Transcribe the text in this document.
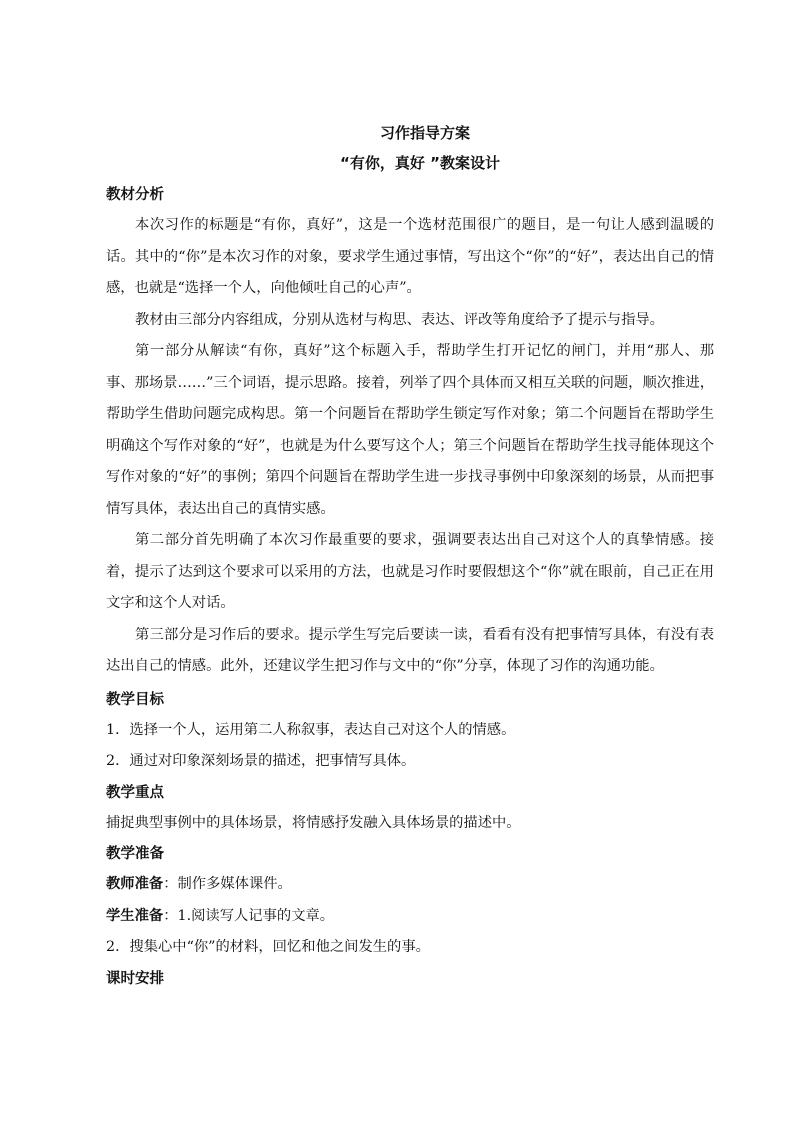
习作指导方案
“有你，真好 ”教案设计
教材分析

本次习作的标题是“有你，真好”，这是一个选材范围很广的题目，是一句让人感到温暖的话。其中的“你”是本次习作的对象，要求学生通过事情，写出这个“你”的“好”，表达出自己的情感，也就是“选择一个人，向他倾吐自己的心声”。

教材由三部分内容组成，分别从选材与构思、表达、评改等角度给予了提示与指导。

第一部分从解读“有你，真好”这个标题入手，帮助学生打开记忆的闸门，并用“那人、那事、那场景……”三个词语，提示思路。接着，列举了四个具体而又相互关联的问题，顺次推进，帮助学生借助问题完成构思。第一个问题旨在帮助学生锁定写作对象；第二个问题旨在帮助学生明确这个写作对象的“好”，也就是为什么要写这个人；第三个问题旨在帮助学生找寻能体现这个写作对象的“好”的事例；第四个问题旨在帮助学生进一步找寻事例中印象深刻的场景，从而把事情写具体，表达出自己的真情实感。

第二部分首先明确了本次习作最重要的要求，强调要表达出自己对这个人的真挚情感。接着，提示了达到这个要求可以采用的方法，也就是习作时要假想这个“你”就在眼前，自己正在用文字和这个人对话。

第三部分是习作后的要求。提示学生写完后要读一读，看看有没有把事情写具体，有没有表达出自己的情感。此外，还建议学生把习作与文中的“你”分享，体现了习作的沟通功能。

教学目标

1．选择一个人，运用第二人称叙事，表达自己对这个人的情感。

2．通过对印象深刻场景的描述，把事情写具体。

教学重点

捕捉典型事例中的具体场景，将情感抒发融入具体场景的描述中。

教学准备

教师准备：制作多媒体课件。

学生准备：1.阅读写人记事的文章。

2．搜集心中“你”的材料，回忆和他之间发生的事。

课时安排
